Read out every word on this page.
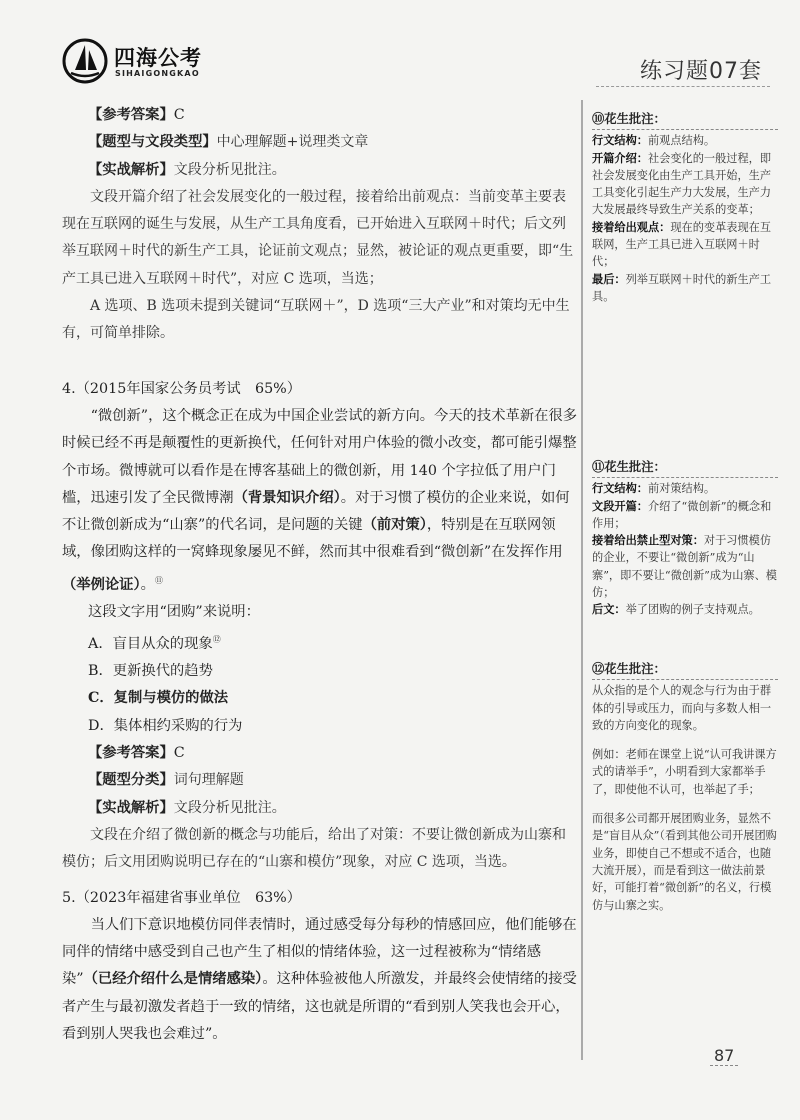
四海公考
SIHAIGONGKAO	练习题07套

【参考答案】C

【题型与文段类型】中心理解题+说理类文章

【实战解析】文段分析见批注。

文段开篇介绍了社会发展变化的一般过程，接着给出前观点：当前变革主要表现在互联网的诞生与发展，从生产工具角度看，已开始进入互联网＋时代；后文列举互联网＋时代的新生产工具，论证前文观点；显然，被论证的观点更重要，即“生产工具已进入互联网＋时代”，对应 C 选项，当选；

A 选项、B 选项未提到关键词“互联网＋”，D 选项“三大产业”和对策均无中生有，可简单排除。

4.（2015年国家公务员考试　65%）

“微创新”，这个概念正在成为中国企业尝试的新方向。今天的技术革新在很多时候已经不再是颠覆性的更新换代，任何针对用户体验的微小改变，都可能引爆整个市场。微博就可以看作是在博客基础上的微创新，用 140 个字拉低了用户门槛，迅速引发了全民微博潮（背景知识介绍）。对于习惯了模仿的企业来说，如何不让微创新成为“山寨”的代名词，是问题的关键（前对策），特别是在互联网领域，像团购这样的一窝蜂现象屡见不鲜，然而其中很难看到“微创新”在发挥作用（举例论证）。⑪

这段文字用“团购”来说明：

A．盲目从众的现象⑫

B．更新换代的趋势

C．复制与模仿的做法

D．集体相约采购的行为

【参考答案】C

【题型分类】词句理解题

【实战解析】文段分析见批注。

文段在介绍了微创新的概念与功能后，给出了对策：不要让微创新成为山寨和模仿；后文用团购说明已存在的“山寨和模仿”现象，对应 C 选项，当选。

5.（2023年福建省事业单位　63%）

当人们下意识地模仿同伴表情时，通过感受每分每秒的情感回应，他们能够在同伴的情绪中感受到自己也产生了相似的情绪体验，这一过程被称为“情绪感染”（已经介绍什么是情绪感染）。这种体验被他人所激发，并最终会使情绪的接受者产生与最初激发者趋于一致的情绪，这也就是所谓的“看到别人笑我也会开心，看到别人哭我也会难过”。

⑩花生批注：

行文结构：前观点结构。

开篇介绍：社会变化的一般过程，即社会发展变化由生产工具开始，生产工具变化引起生产力大发展，生产力大发展最终导致生产关系的变革；

接着给出观点：现在的变革表现在互联网，生产工具已进入互联网＋时代；

最后：列举互联网＋时代的新生产工具。

⑪花生批注：

行文结构：前对策结构。

文段开篇：介绍了“微创新”的概念和作用；

接着给出禁止型对策：对于习惯模仿的企业，不要让“微创新”成为“山寨”，即不要让“微创新”成为山寨、模仿；

后文：举了团购的例子支持观点。

⑫花生批注：

从众指的是个人的观念与行为由于群体的引导或压力，而向与多数人相一致的方向变化的现象。

例如：老师在课堂上说“认可我讲课方式的请举手”，小明看到大家都举手了，即使他不认可，也举起了手；

而很多公司都开展团购业务，显然不是“盲目从众”（看到其他公司开展团购业务，即使自己不想或不适合，也随大流开展），而是看到这一做法前景好，可能打着“微创新”的名义，行模仿与山寨之实。

87
